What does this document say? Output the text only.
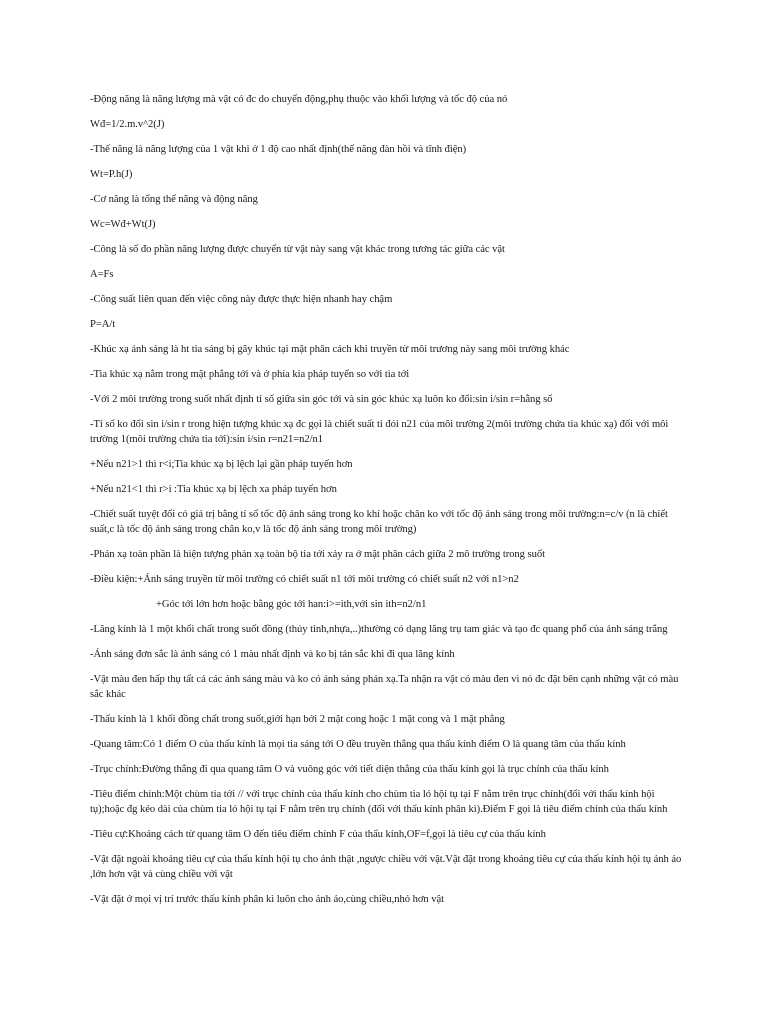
-Động năng là năng lượng mà vật có đc do chuyển động,phụ thuộc vào khối lượng và tốc độ của nó

Wđ=1/2.m.v^2(J)

-Thế năng là năng lượng của 1 vật khi ở 1 độ cao nhất định(thế năng đàn hồi và tĩnh điện)

Wt=P.h(J)

-Cơ năng là tổng thế năng và động năng

Wc=Wđ+Wt(J)

-Công là số đo phần năng lượng được chuyển từ vật này sang vật khác trong tương tác giữa các vật

A=Fs

-Công suất liên quan đến việc công này được thực hiện nhanh hay chậm

P=A/t

-Khúc xạ ánh sáng là ht tia sáng bị gãy khúc tại mặt phân cách khi truyền từ môi trương này sang môi trường khác

-Tia khúc xạ nằm trong mặt phẳng tới và ở phía kia pháp tuyến so với tia tới

-Với 2 môi trường trong suốt nhất định tỉ số giữa sin góc tới và sin góc khúc xạ luôn ko đổi:sin i/sin r=hằng số

-Tỉ số ko đổi sin i/sin r trong hiện tượng khúc xạ đc gọi là chiết suất tỉ đói n21 của môi trường 2(môi trường chứa tia khúc xạ) đối với môi trường 1(môi trường chứa tia tới):sin i/sin r=n21=n2/n1

+Nếu n21>1 thì r<i;Tia khúc xạ bị lệch lại gần pháp tuyến hơn

+Nếu n21<1 thì r>i :Tia khúc xạ bị lệch xa pháp tuyến hơn

-Chiết suất tuyệt đối có giá trị bằng tỉ số tốc độ ánh sáng trong ko khí hoặc chân ko với tốc độ ánh sáng trong môi trường:n=c/v (n là chiết suất,c là tốc độ ánh sáng trong chân ko,v là tốc độ ánh sáng trong môi trường)

-Phản xạ toàn phần là hiện tượng phản xạ toàn bộ tia tới xảy ra ở mặt phân cách giữa 2 mô trường trong suốt

-Điều kiện:+Ánh sáng truyền từ môi trường có chiết suất n1 tới môi trường có chiết suất n2 với n1>n2

+Góc tới lớn hơn hoặc bằng góc tới han:i>=ith,với sin ith=n2/n1

-Lăng kính là 1 một khối chất trong suốt đồng (thủy tinh,nhựa,..)thường có dạng lăng trụ tam giác và tạo đc quang phổ của ánh sáng trắng

-Ánh sáng đơn sắc là ánh sáng có 1 màu nhất định và ko bị tán sắc khi đi qua lăng kính

-Vật màu đen hấp thụ tất cả các ánh sáng màu và ko có ánh sáng phản xạ.Ta nhận ra vật có màu đen vì nó đc đặt bên cạnh những vật có màu sắc khác

-Thấu kính là 1 khối đồng chất trong suốt,giới hạn bởi 2 mặt cong hoặc 1 mặt cong và 1 mặt phẳng

-Quang tâm:Có 1 điểm O của thấu kính là mọi tia sáng tới O đều truyền thẳng qua thấu kính điểm O là quang tâm của thấu kính

-Trục chính:Đường thẳng đi qua quang tâm O và vuông góc với tiết diện thẳng của thấu kính gọi là trục chính của thấu kính

-Tiêu điểm chính:Một chùm tia tới // với trục chính của thấu kính cho chùm tia ló hội tụ tại F nằm trên trục chính(đối với thấu kính hội tụ);hoặc đg kéo dài của chùm tia ló hội tụ tại F nằm trên trụ chính (đối với thấu kính phân kì).Điểm F gọi là tiêu điểm chính của thấu kính

-Tiêu cự:Khoảng cách từ quang tâm O đến tiêu điểm chính F của thấu kính,OF=f,gọi là tiêu cự của thấu kính

-Vật đặt ngoài khoảng tiêu cự của thấu kính hội tụ cho ảnh thật ,ngược chiều với vật.Vật đặt trong khoảng tiêu cự của thấu kính hội tụ ảnh ảo ,lớn hơn vật và cùng chiều với vật

-Vật đặt ở mọi vị trí trước thấu kính phân kì luôn cho ảnh ảo,cùng chiều,nhỏ hơn vật
